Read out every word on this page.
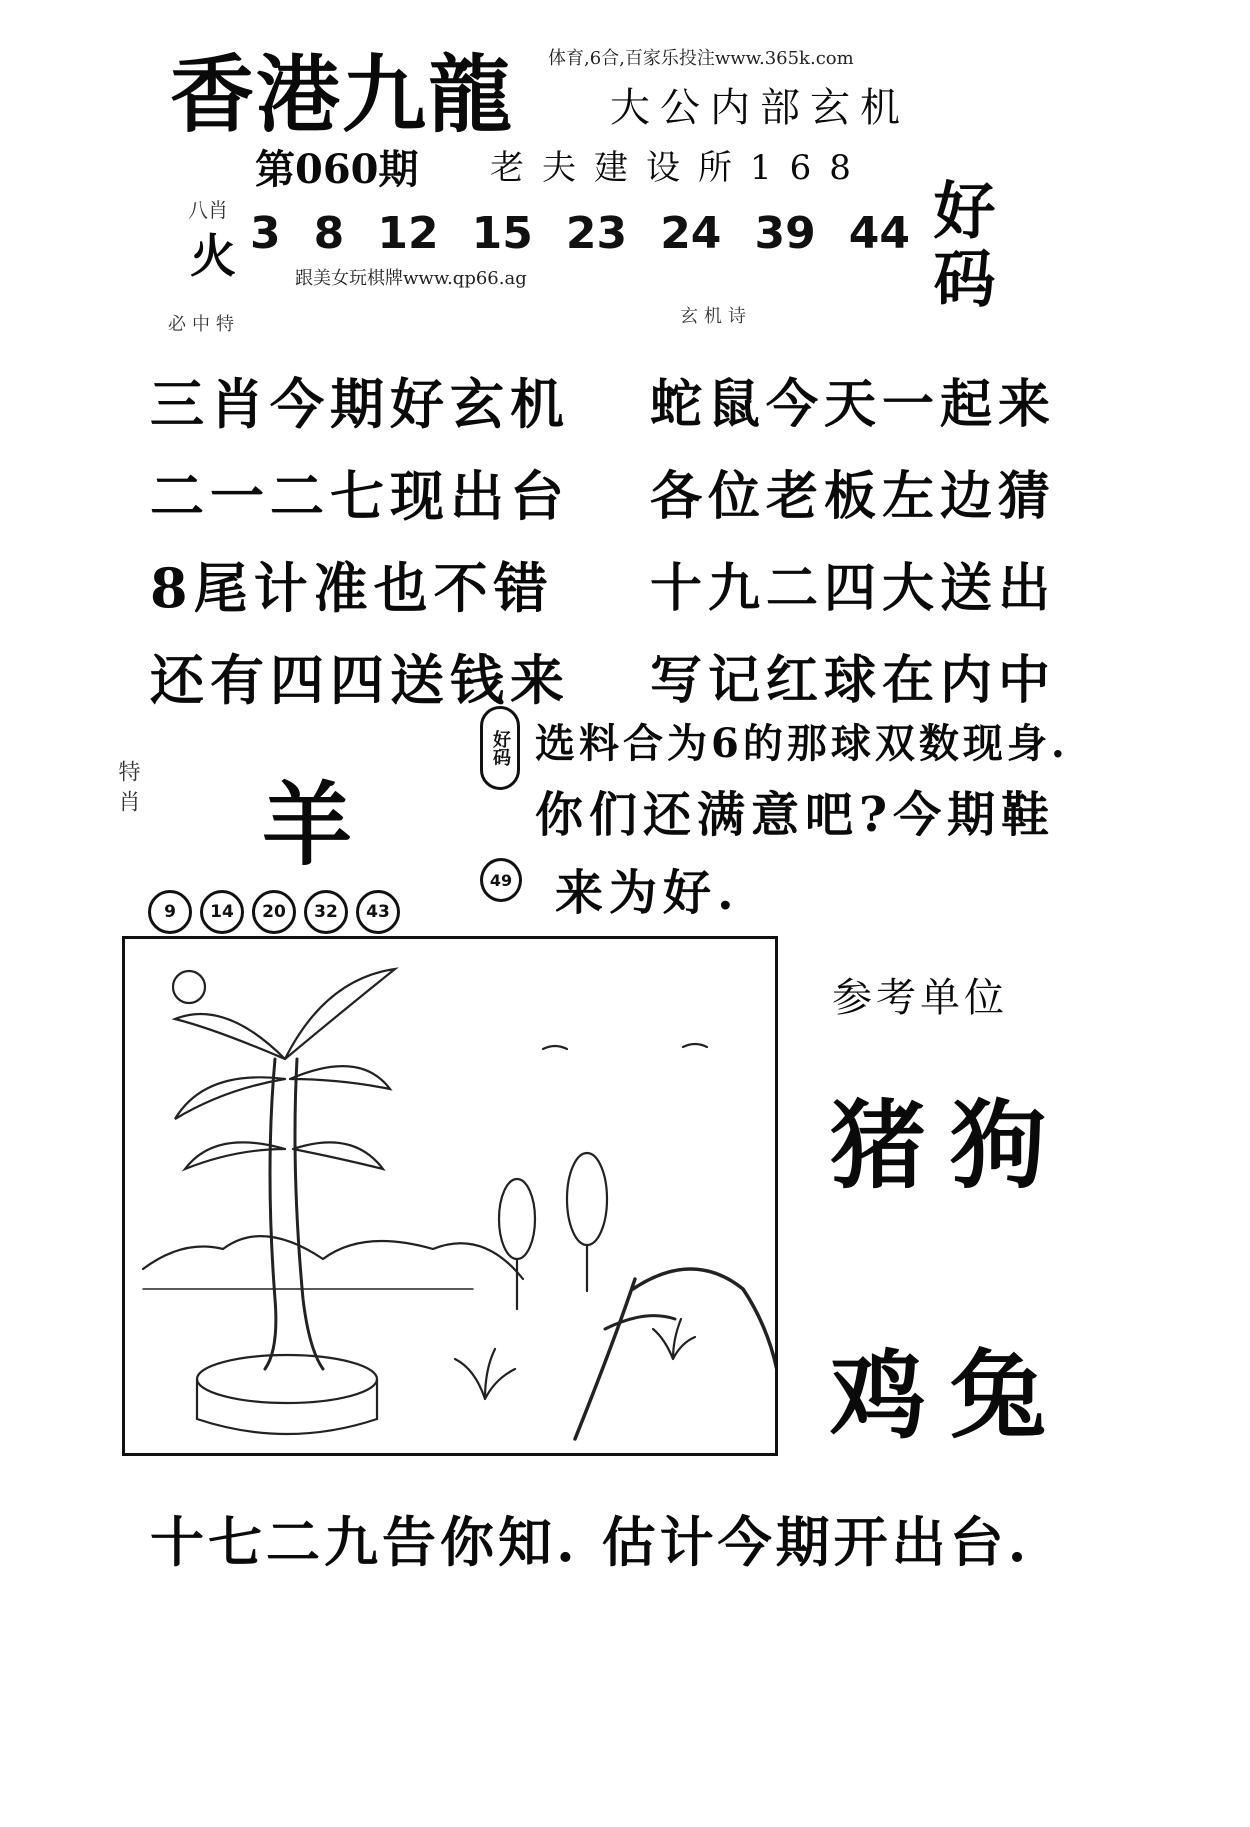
体育,6合,百家乐投注www.365k.com
香港九龍 大公内部玄机
第060期 老夫建设所168
八肖
火 3 8 12 15 23 24 39 44 好码
跟美女玩棋牌www.qp66.ag
必中特	玄机诗
三肖今期好玄机
二一二七现出台
8尾计准也不错
还有四四送钱来
蛇鼠今天一起来
各位老板左边猜
十九二四大送出
写记红球在内中
特肖 羊
好码
49
选料合为6的那球双数现身.
你们还满意吧?今期鞋
来为好.
9	14	20	32	43
参考单位
猪狗
鸡兔
十七二九告你知. 估计今期开出台.
